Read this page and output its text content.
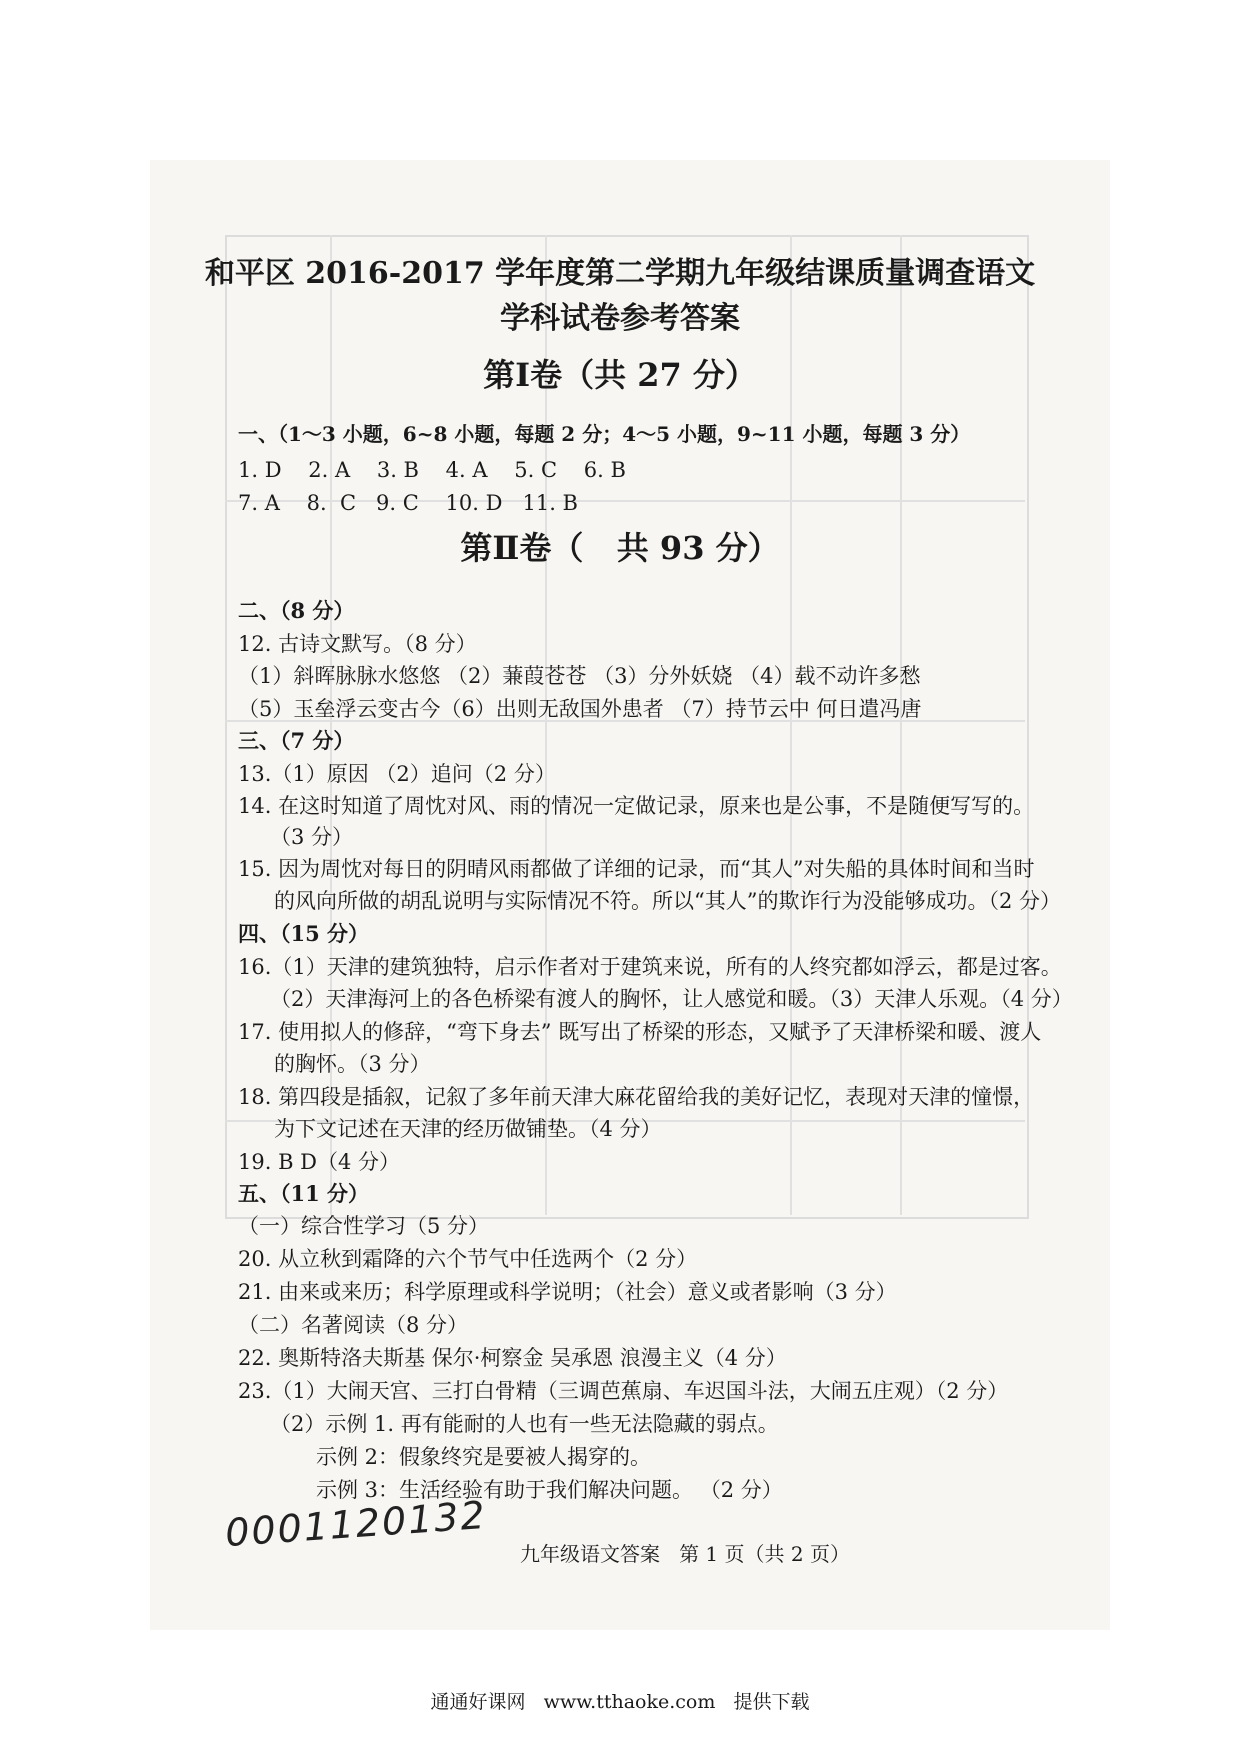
和平区 2016-2017 学年度第二学期九年级结课质量调查语文
学科试卷参考答案
第Ⅰ卷（共 27 分）
一、（1～3 小题，6~8 小题，每题 2 分；4～5 小题，9~11 小题，每题 3 分）
1. D    2. A    3. B    4. A    5. C    6. B
7. A    8.  C   9. C    10. D   11. B
第Ⅱ卷（   共 93 分）
二、（8 分）
12. 古诗文默写。（8 分）
（1）斜晖脉脉水悠悠 （2）蒹葭苍苍 （3）分外妖娆 （4）载不动许多愁
（5）玉垒浮云变古今（6）出则无敌国外患者 （7）持节云中 何日遣冯唐
三、（7 分）
13.（1）原因 （2）追问（2 分）
14. 在这时知道了周忱对风、雨的情况一定做记录，原来也是公事，不是随便写写的。
（3 分）
15. 因为周忱对每日的阴晴风雨都做了详细的记录，而“其人”对失船的具体时间和当时
的风向所做的胡乱说明与实际情况不符。所以“其人”的欺诈行为没能够成功。（2 分）
四、（15 分）
16.（1）天津的建筑独特，启示作者对于建筑来说，所有的人终究都如浮云，都是过客。
（2）天津海河上的各色桥梁有渡人的胸怀，让人感觉和暖。（3）天津人乐观。（4 分）
17. 使用拟人的修辞，“弯下身去” 既写出了桥梁的形态，又赋予了天津桥梁和暖、渡人
的胸怀。（3 分）
18. 第四段是插叙，记叙了多年前天津大麻花留给我的美好记忆，表现对天津的憧憬，
为下文记述在天津的经历做铺垫。（4 分）
19. B D（4 分）
五、（11 分）
（一）综合性学习（5 分）
20. 从立秋到霜降的六个节气中任选两个（2 分）
21. 由来或来历；科学原理或科学说明；（社会）意义或者影响（3 分）
（二）名著阅读（8 分）
22. 奥斯特洛夫斯基 保尔·柯察金 吴承恩 浪漫主义（4 分）
23.（1）大闹天宫、三打白骨精（三调芭蕉扇、车迟国斗法，大闹五庄观）（2 分）
（2）示例 1. 再有能耐的人也有一些无法隐藏的弱点。
示例 2：假象终究是要被人揭穿的。
示例 3：生活经验有助于我们解决问题。 （2 分）
0001120132 九年级语文答案   第 1 页（共 2 页）
通通好课网   www.tthaoke.com   提供下载
